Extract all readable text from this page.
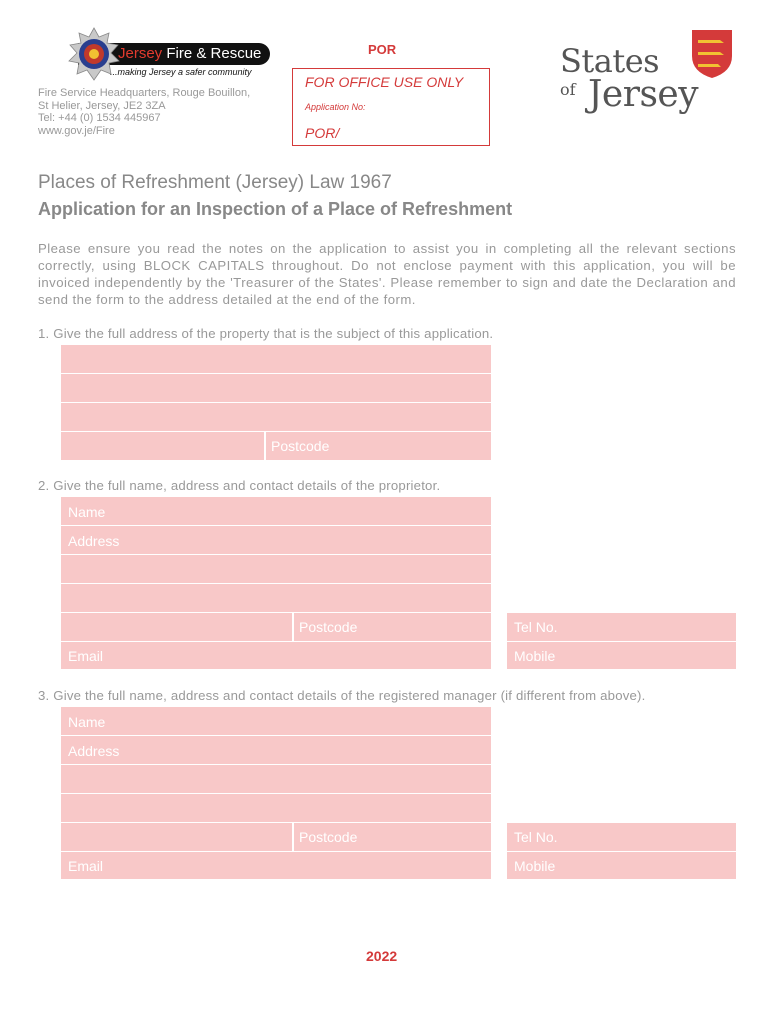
Jersey Fire & Rescue
...making Jersey a safer community
Fire Service Headquarters, Rouge Bouillon,
St Helier, Jersey, JE2 3ZA
Tel: +44 (0) 1534 445967
www.gov.je/Fire
POR
FOR OFFICE USE ONLY
Application No:
POR/
States
of Jersey
Places of Refreshment (Jersey) Law 1967
Application for an Inspection of a Place of Refreshment
Please ensure you read the notes on the application to assist you in completing all the relevant sections correctly, using BLOCK CAPITALS throughout. Do not enclose payment with this application, you will be invoiced independently by the 'Treasurer of the States'. Please remember to sign and date the Declaration and send the form to the address detailed at the end of the form.
1. Give the full address of the property that is the subject of this application.
Postcode
2. Give the full name, address and contact details of the proprietor.
Name
Address
Postcode
Email
Tel No.
Mobile
3. Give the full name, address and contact details of the registered manager (if different from above).
Name
Address
Postcode
Email
Tel No.
Mobile
2022
